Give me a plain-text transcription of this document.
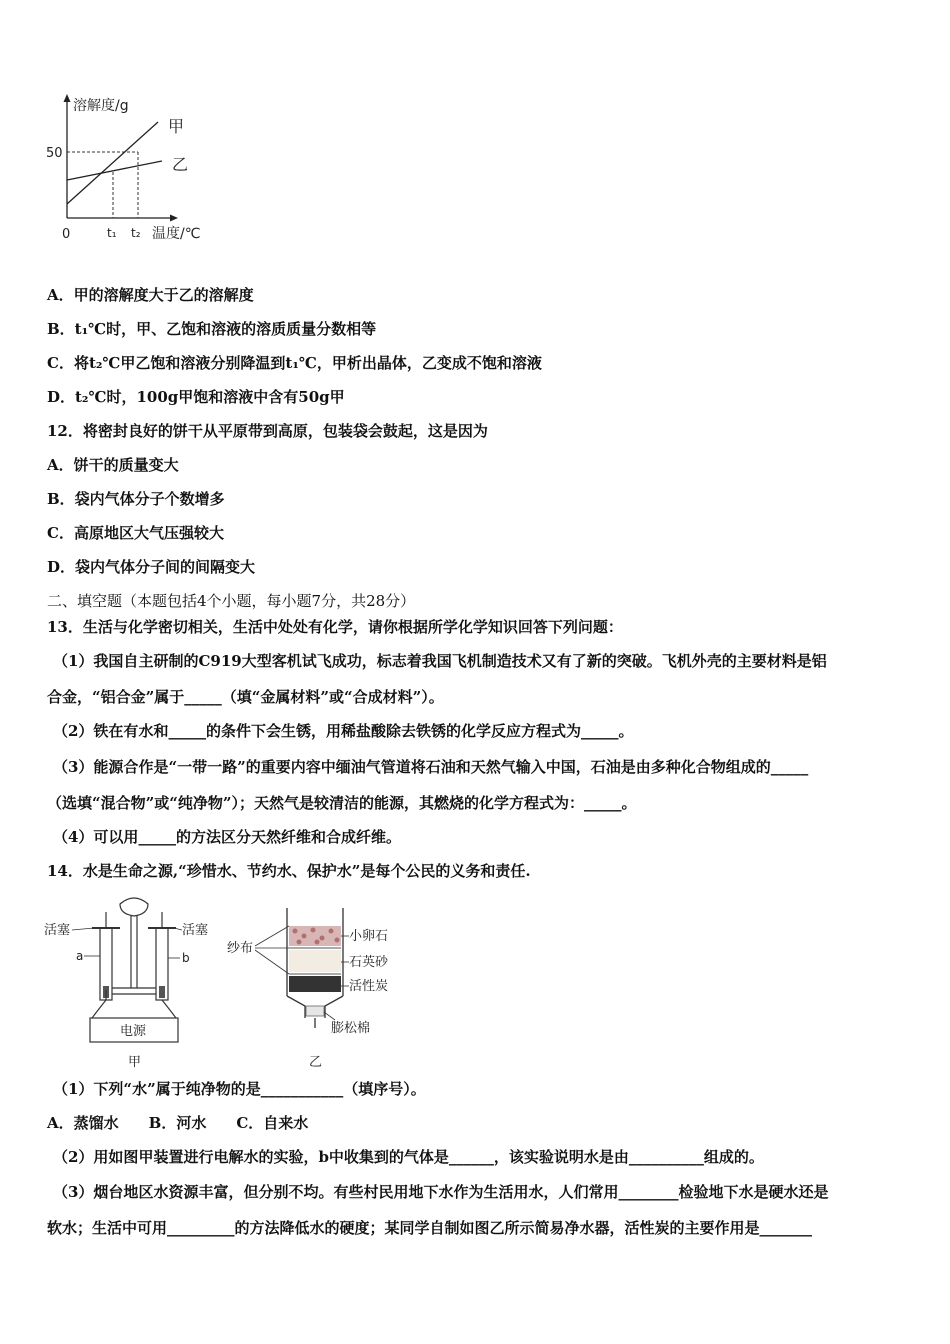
溶解度/g
50
0	t₁ t₂ 温度/℃
甲
乙
A．甲的溶解度大于乙的溶解度
B．t₁℃时，甲、乙饱和溶液的溶质质量分数相等
C．将t₂℃甲乙饱和溶液分别降温到t₁℃，甲析出晶体，乙变成不饱和溶液
D．t₂℃时，100g甲饱和溶液中含有50g甲
12．将密封良好的饼干从平原带到高原，包装袋会鼓起，这是因为
A．饼干的质量变大
B．袋内气体分子个数增多
C．高原地区大气压强较大
D．袋内气体分子间的间隔变大
二、填空题（本题包括4个小题，每小题7分，共28分）
13．生活与化学密切相关，生活中处处有化学，请你根据所学化学知识回答下列问题：
（1）我国自主研制的C919大型客机试飞成功，标志着我国飞机制造技术又有了新的突破。飞机外壳的主要材料是铝
合金，“铝合金”属于_____（填“金属材料”或“合成材料”）。
（2）铁在有水和_____的条件下会生锈，用稀盐酸除去铁锈的化学反应方程式为_____。
（3）能源合作是“一带一路”的重要内容中缅油气管道将石油和天然气输入中国，石油是由多种化合物组成的_____
（选填“混合物”或“纯净物”）；天然气是较清洁的能源，其燃烧的化学方程式为：_____。
（4）可以用_____的方法区分天然纤维和合成纤维。
14．水是生命之源,“珍惜水、节约水、保护水”是每个公民的义务和责任.
电源
活塞	活塞
a	b
甲
纱布
小卵石
石英砂
活性炭
膨松棉
乙
（1）下列“水”属于纯净物的是___________（填序号）。
A．蒸馏水　　B．河水　　C．自来水
（2）用如图甲装置进行电解水的实验，b中收集到的气体是______，该实验说明水是由__________组成的。
（3）烟台地区水资源丰富，但分别不均。有些村民用地下水作为生活用水，人们常用________检验地下水是硬水还是
软水；生活中可用_________的方法降低水的硬度；某同学自制如图乙所示简易净水器，活性炭的主要作用是_______
